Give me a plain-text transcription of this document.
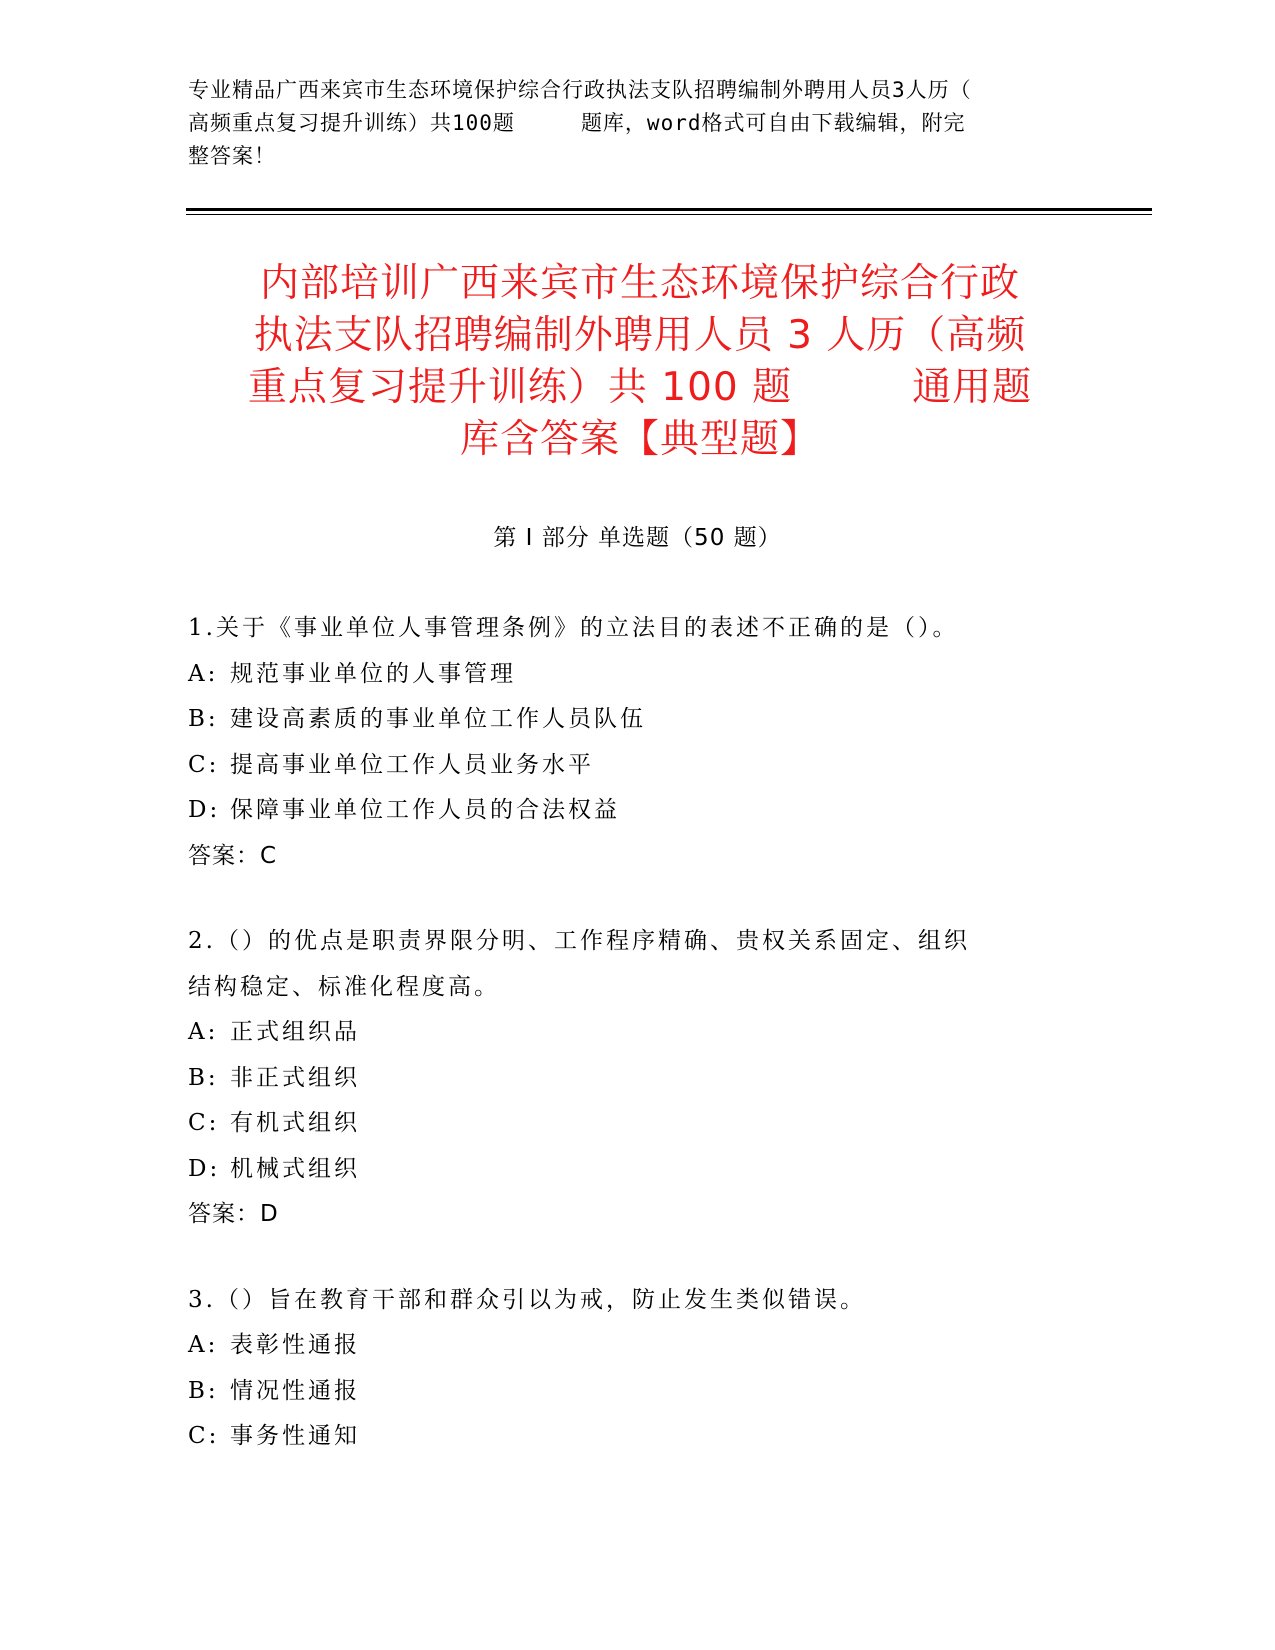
专业精品广西来宾市生态环境保护综合行政执法支队招聘编制外聘用人员3人历（

高频重点复习提升训练）共100题	题库，word格式可自由下载编辑，附完

整答案！

内部培训广西来宾市生态环境保护综合行政

执法支队招聘编制外聘用人员 3 人历（高频

重点复习提升训练）共 100 题	通用题

库含答案【典型题】

第 I 部分 单选题（50 题）

1.关于《事业单位人事管理条例》的立法目的表述不正确的是（）。

A: 规范事业单位的人事管理

B: 建设高素质的事业单位工作人员队伍

C: 提高事业单位工作人员业务水平

D: 保障事业单位工作人员的合法权益

答案：C

2.（）的优点是职责界限分明、工作程序精确、贵权关系固定、组织

结构稳定、标准化程度高。

A: 正式组织品

B: 非正式组织

C: 有机式组织

D: 机械式组织

答案：D

3.（）旨在教育干部和群众引以为戒，防止发生类似错误。

A: 表彰性通报

B: 情况性通报

C: 事务性通知
